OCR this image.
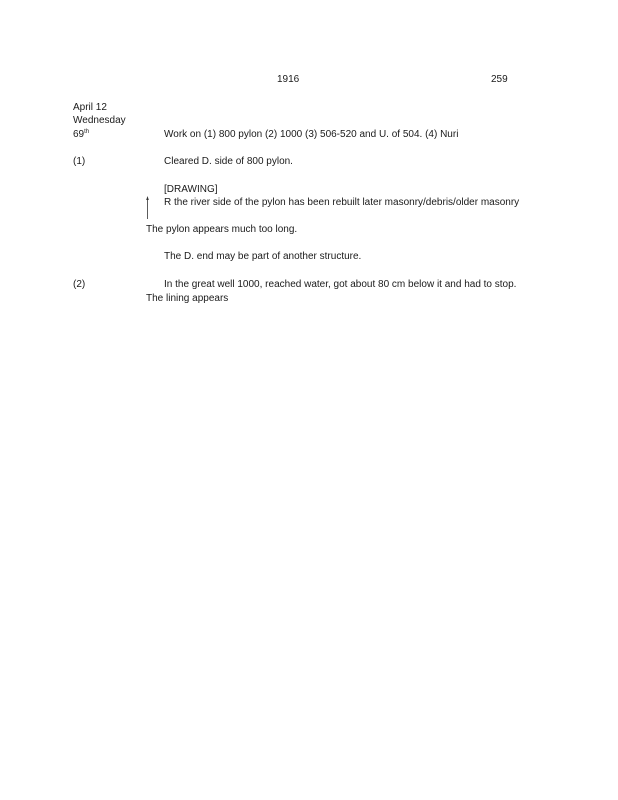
1916	259
April 12
Wednesday
69th	Work on (1) 800 pylon (2) 1000 (3) 506-520 and U. of 504. (4) Nuri
(1)	Cleared D. side of 800 pylon.
[DRAWING]
R the river side of the pylon has been rebuilt later masonry/debris/older masonry
The pylon appears much too long.
The D. end may be part of another structure.
(2)	In the great well 1000, reached water, got about 80 cm below it and had to stop.
The lining appears
